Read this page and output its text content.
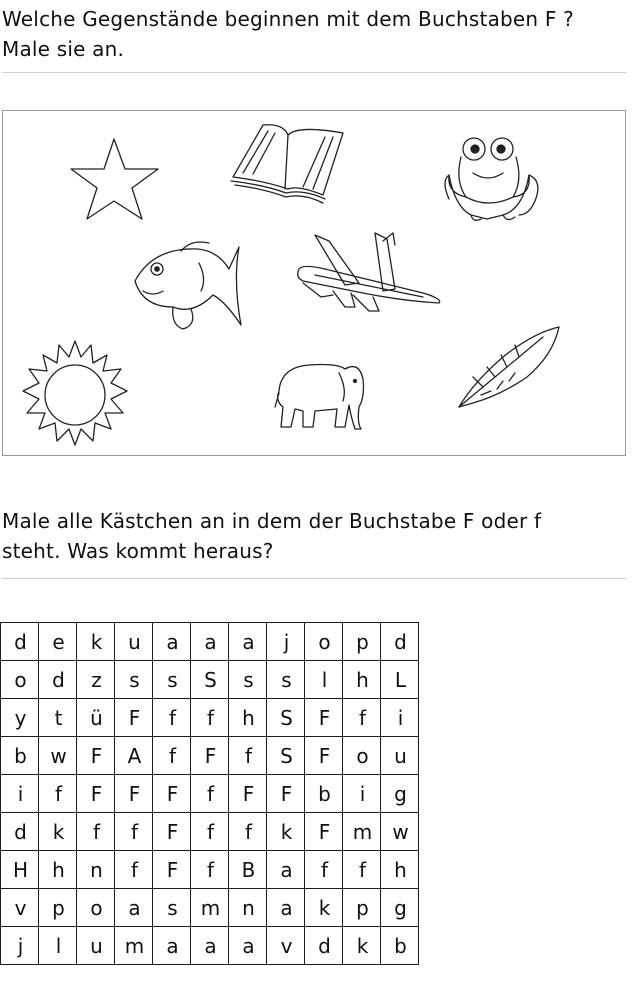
Welche Gegenstände beginnen mit dem Buchstaben F ?
Male sie an.
Male alle Kästchen an in dem der Buchstabe F oder f
steht. Was kommt heraus?
d	e	k	u	a	a	a	j	o	p	d
o	d	z	s	s	S	s	s	l	h	L
y	t	ü	F	f	f	h	S	F	f	i
b	w	F	A	f	F	f	S	F	o	u
i	f	F	F	F	f	F	F	b	i	g
d	k	f	f	F	f	f	k	F	m	w
H	h	n	f	F	f	B	a	f	f	h
v	p	o	a	s	m	n	a	k	p	g
j	l	u	m	a	a	a	v	d	k	b
